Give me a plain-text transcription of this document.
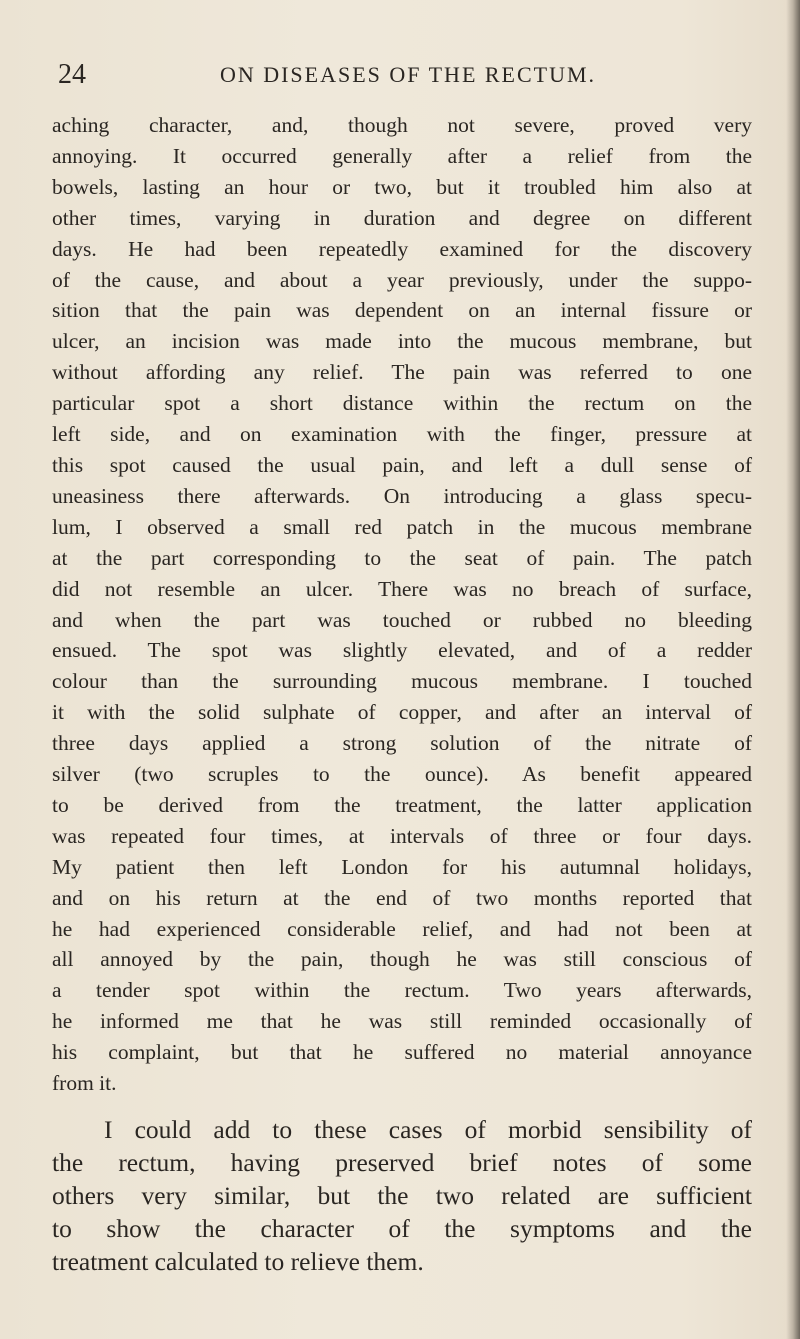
24	ON DISEASES OF THE RECTUM.
aching character, and, though not severe, proved very
annoying. It occurred generally after a relief from the
bowels, lasting an hour or two, but it troubled him also at
other times, varying in duration and degree on different
days. He had been repeatedly examined for the discovery
of the cause, and about a year previously, under the suppo-
sition that the pain was dependent on an internal fissure or
ulcer, an incision was made into the mucous membrane, but
without affording any relief. The pain was referred to one
particular spot a short distance within the rectum on the
left side, and on examination with the finger, pressure at
this spot caused the usual pain, and left a dull sense of
uneasiness there afterwards. On introducing a glass specu-
lum, I observed a small red patch in the mucous membrane
at the part corresponding to the seat of pain. The patch
did not resemble an ulcer. There was no breach of surface,
and when the part was touched or rubbed no bleeding
ensued. The spot was slightly elevated, and of a redder
colour than the surrounding mucous membrane. I touched
it with the solid sulphate of copper, and after an interval of
three days applied a strong solution of the nitrate of
silver (two scruples to the ounce). As benefit appeared
to be derived from the treatment, the latter application
was repeated four times, at intervals of three or four days.
My patient then left London for his autumnal holidays,
and on his return at the end of two months reported that
he had experienced considerable relief, and had not been at
all annoyed by the pain, though he was still conscious of
a tender spot within the rectum. Two years afterwards,
he informed me that he was still reminded occasionally of
his complaint, but that he suffered no material annoyance
from it.
I could add to these cases of morbid sensibility of
the rectum, having preserved brief notes of some
others very similar, but the two related are sufficient
to show the character of the symptoms and the
treatment calculated to relieve them.
